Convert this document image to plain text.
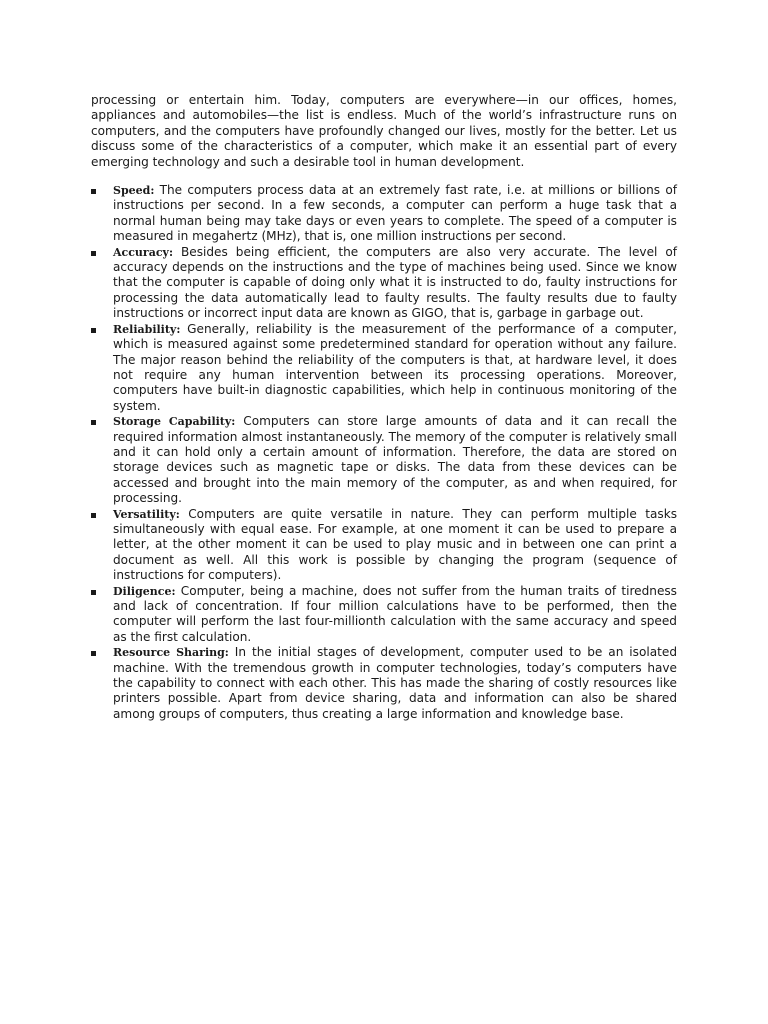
processing or entertain him. Today, computers are everywhere—in our offices, homes, appliances and automobiles—the list is endless. Much of the world’s infrastructure runs on computers, and the computers have profoundly changed our lives, mostly for the better. Let us discuss some of the characteristics of a computer, which make it an essential part of every emerging technology and such a desirable tool in human development.

Speed: The computers process data at an extremely fast rate, i.e. at millions or billions of instructions per second. In a few seconds, a computer can perform a huge task that a normal human being may take days or even years to complete. The speed of a computer is measured in megahertz (MHz), that is, one million instructions per second.
Accuracy: Besides being efficient, the computers are also very accurate. The level of accuracy depends on the instructions and the type of machines being used. Since we know that the computer is capable of doing only what it is instructed to do, faulty instructions for processing the data automatically lead to faulty results. The faulty results due to faulty instructions or incorrect input data are known as GIGO, that is, garbage in garbage out.
Reliability: Generally, reliability is the measurement of the performance of a computer, which is measured against some predetermined standard for operation without any failure. The major reason behind the reliability of the computers is that, at hardware level, it does not require any human intervention between its processing operations. Moreover, computers have built-in diagnostic capabilities, which help in continuous monitoring of the system.
Storage Capability: Computers can store large amounts of data and it can recall the required information almost instantaneously. The memory of the computer is relatively small and it can hold only a certain amount of information. Therefore, the data are stored on storage devices such as magnetic tape or disks. The data from these devices can be accessed and brought into the main memory of the computer, as and when required, for processing.
Versatility: Computers are quite versatile in nature. They can perform multiple tasks simultaneously with equal ease. For example, at one moment it can be used to prepare a letter, at the other moment it can be used to play music and in between one can print a document as well. All this work is possible by changing the program (sequence of instructions for computers).
Diligence: Computer, being a machine, does not suffer from the human traits of tiredness and lack of concentration. If four million calculations have to be performed, then the computer will perform the last four-millionth calculation with the same accuracy and speed as the first calculation.
Resource Sharing: In the initial stages of development, computer used to be an isolated machine. With the tremendous growth in computer technologies, today’s computers have the capability to connect with each other. This has made the sharing of costly resources like printers possible. Apart from device sharing, data and information can also be shared among groups of computers, thus creating a large information and knowledge base.
